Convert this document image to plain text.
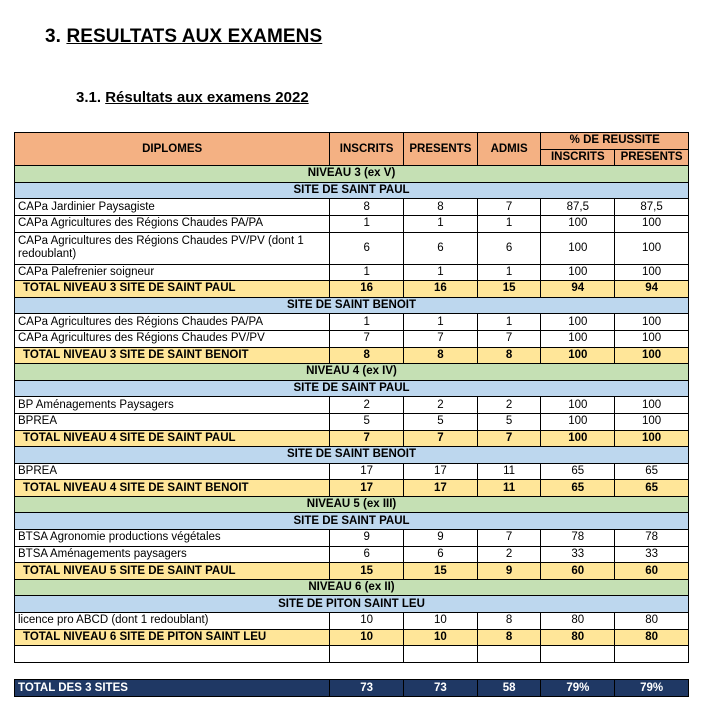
3. RESULTATS AUX EXAMENS
3.1. Résultats aux examens 2022
DIPLOMES	INSCRITS	PRESENTS	ADMIS	% DE REUSSITE	
				INSCRITS	PRESENTS
NIVEAU 3 (ex V)					
SITE DE SAINT PAUL					
CAPa Jardinier Paysagiste	8	8	7	87,5	87,5
CAPa Agricultures des Régions Chaudes PA/PA	1	1	1	100	100
CAPa Agricultures des Régions Chaudes PV/PV (dont 1 redoublant)	6	6	6	100	100
CAPa Palefrenier soigneur	1	1	1	100	100
TOTAL NIVEAU 3 SITE DE SAINT PAUL	16	16	15	94	94
SITE DE SAINT BENOIT					
CAPa Agricultures des Régions Chaudes PA/PA	1	1	1	100	100
CAPa Agricultures des Régions Chaudes PV/PV	7	7	7	100	100
TOTAL NIVEAU 3 SITE DE SAINT BENOIT	8	8	8	100	100
NIVEAU 4 (ex IV)					
SITE DE SAINT PAUL					
BP Aménagements Paysagers	2	2	2	100	100
BPREA	5	5	5	100	100
TOTAL NIVEAU 4 SITE DE SAINT PAUL	7	7	7	100	100
SITE DE SAINT BENOIT					
BPREA	17	17	11	65	65
TOTAL NIVEAU 4 SITE DE SAINT BENOIT	17	17	11	65	65
NIVEAU 5 (ex III)					
SITE DE SAINT PAUL					
BTSA Agronomie productions végétales	9	9	7	78	78
BTSA Aménagements paysagers	6	6	2	33	33
TOTAL NIVEAU 5 SITE DE SAINT PAUL	15	15	9	60	60
NIVEAU 6 (ex II)					
SITE DE PITON SAINT LEU					
licence pro ABCD (dont 1 redoublant)	10	10	8	80	80
TOTAL NIVEAU 6 SITE DE PITON SAINT LEU	10	10	8	80	80

TOTAL DES 3 SITES	73	73	58	79%	79%
